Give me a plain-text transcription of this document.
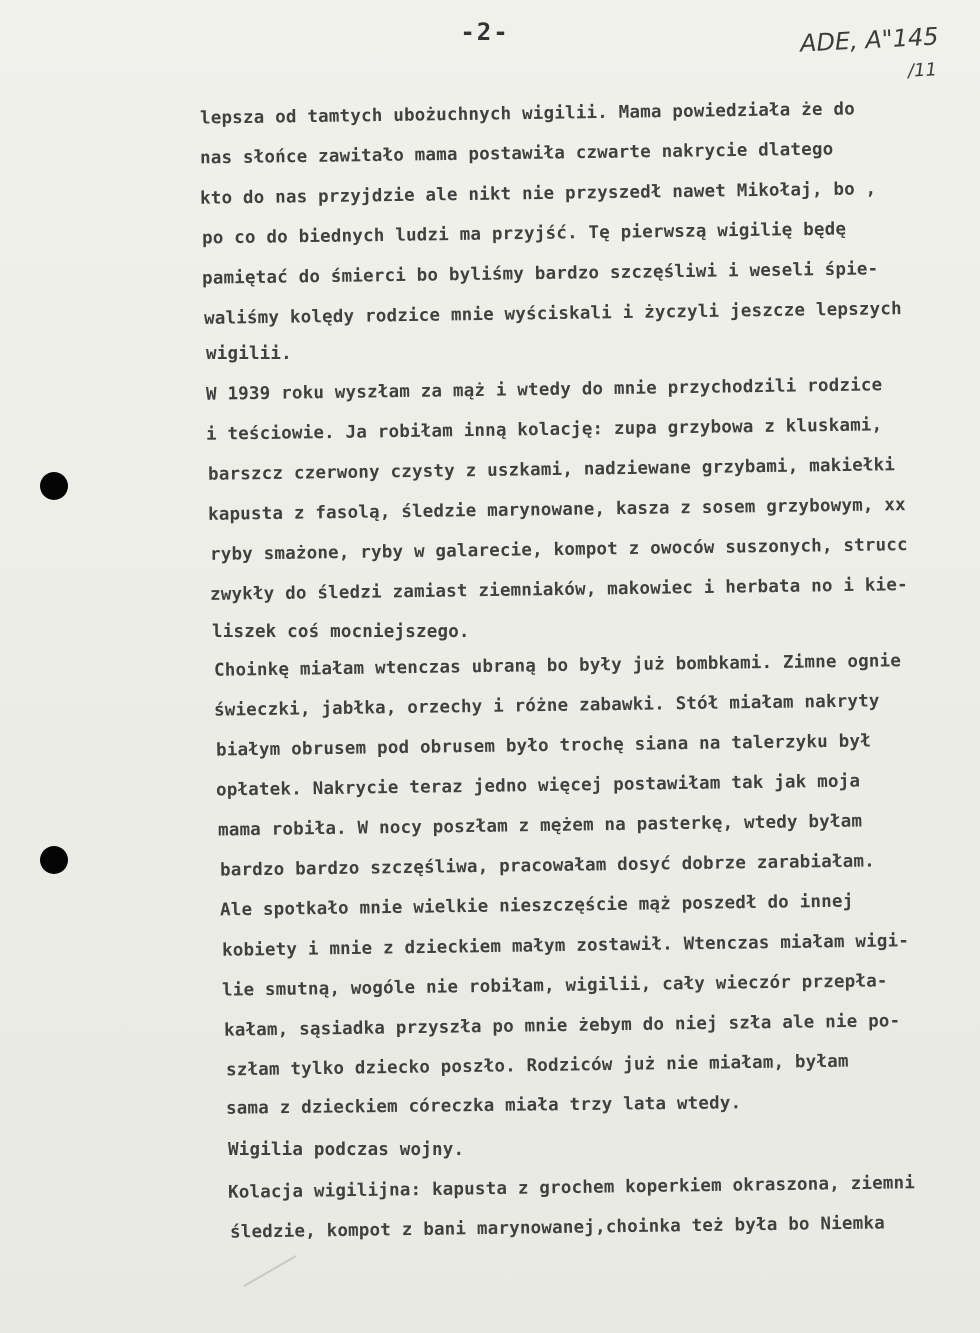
-2-	ADE, A"145
/11
lepsza od tamtych ubożuchnych wigilii. Mama powiedziała że do
nas słońce zawitało mama postawiła czwarte nakrycie dlatego
kto do nas przyjdzie ale nikt nie przyszedł nawet Mikołaj, bo ,
po co do biednych ludzi ma przyjść. Tę pierwszą wigilię będę
pamiętać do śmierci bo byliśmy bardzo szczęśliwi i weseli śpie-
waliśmy kolędy rodzice mnie wyściskali i życzyli jeszcze lepszych
wigilii.
W 1939 roku wyszłam za mąż i wtedy do mnie przychodzili rodzice
i teściowie. Ja robiłam inną kolację: zupa grzybowa z kluskami,
barszcz czerwony czysty z uszkami, nadziewane grzybami, makiełki
kapusta z fasolą, śledzie marynowane, kasza z sosem grzybowym, xx
ryby smażone, ryby w galarecie, kompot z owoców suszonych, strucc
zwykły do śledzi zamiast ziemniaków, makowiec i herbata no i kie-
liszek coś mocniejszego.
Choinkę miałam wtenczas ubraną bo były już bombkami. Zimne ognie
świeczki, jabłka, orzechy i różne zabawki. Stół miałam nakryty
białym obrusem pod obrusem było trochę siana na talerzyku był
opłatek. Nakrycie teraz jedno więcej postawiłam tak jak moja
mama robiła. W nocy poszłam z mężem na pasterkę, wtedy byłam
bardzo bardzo szczęśliwa, pracowałam dosyć dobrze zarabiałam.
Ale spotkało mnie wielkie nieszczęście mąż poszedł do innej
kobiety i mnie z dzieckiem małym zostawił. Wtenczas miałam wigi-
lie smutną, wogóle nie robiłam, wigilii, cały wieczór przepła-
kałam, sąsiadka przyszła po mnie żebym do niej szła ale nie po-
szłam tylko dziecko poszło. Rodziców już nie miałam, byłam
sama z dzieckiem córeczka miała trzy lata wtedy.
Wigilia podczas wojny.
Kolacja wigilijna: kapusta z grochem koperkiem okraszona, ziemni
śledzie, kompot z bani marynowanej,choinka też była bo Niemka
